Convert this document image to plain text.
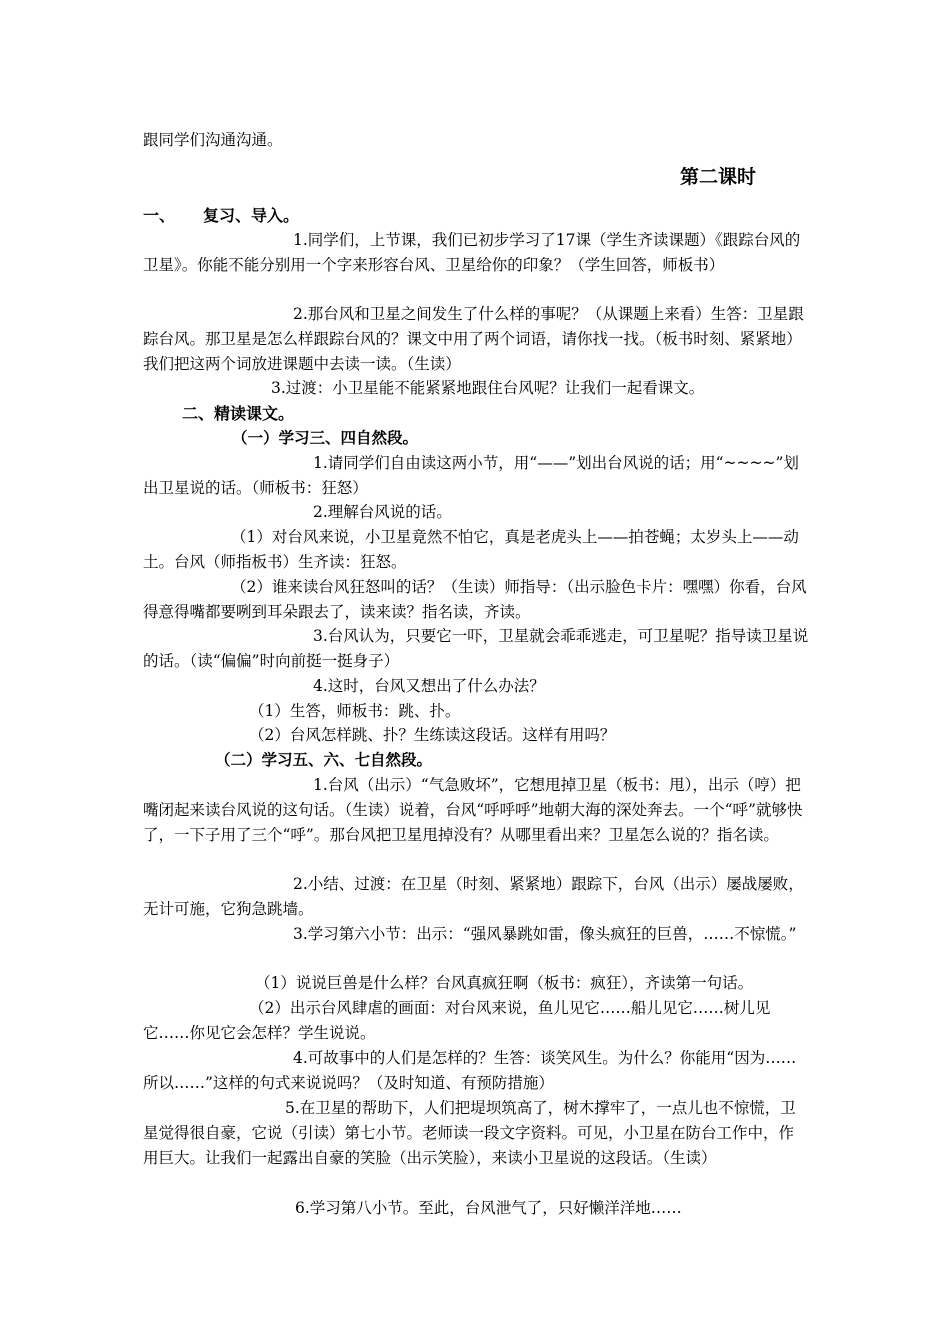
跟同学们沟通沟通。

第二课时

一、 复习、导入。

1.同学们，上节课，我们已初步学习了17课（学生齐读课题）《跟踪台风的卫星》。你能不能分别用一个字来形容台风、卫星给你的印象？（学生回答，师板书）

2.那台风和卫星之间发生了什么样的事呢？（从课题上来看）生答：卫星跟踪台风。那卫星是怎么样跟踪台风的？课文中用了两个词语，请你找一找。（板书时刻、紧紧地）我们把这两个词放进课题中去读一读。（生读）

3.过渡：小卫星能不能紧紧地跟住台风呢？让我们一起看课文。

二、精读课文。

（一）学习三、四自然段。

1.请同学们自由读这两小节，用“——”划出台风说的话；用“~~~~”划出卫星说的话。（师板书：狂怒）

2.理解台风说的话。

（1）对台风来说，小卫星竟然不怕它，真是老虎头上——拍苍蝇；太岁头上——动土。台风（师指板书）生齐读：狂怒。

（2）谁来读台风狂怒叫的话？（生读）师指导：（出示脸色卡片：嘿嘿）你看，台风得意得嘴都要咧到耳朵跟去了，读来读？指名读，齐读。

3.台风认为，只要它一吓，卫星就会乖乖逃走，可卫星呢？指导读卫星说的话。（读“偏偏”时向前挺一挺身子）

4.这时，台风又想出了什么办法？

（1）生答，师板书：跳、扑。

（2）台风怎样跳、扑？生练读这段话。这样有用吗？

（二）学习五、六、七自然段。

1.台风（出示）“气急败坏”，它想甩掉卫星（板书：甩），出示（哼）把嘴闭起来读台风说的这句话。（生读）说着，台风“呼呼呼”地朝大海的深处奔去。一个“呼”就够快了，一下子用了三个“呼”。那台风把卫星甩掉没有？从哪里看出来？卫星怎么说的？指名读。

2.小结、过渡：在卫星（时刻、紧紧地）跟踪下，台风（出示）屡战屡败，无计可施，它狗急跳墙。

3.学习第六小节：出示：“强风暴跳如雷，像头疯狂的巨兽，……不惊慌。”

（1）说说巨兽是什么样？台风真疯狂啊（板书：疯狂），齐读第一句话。

（2）出示台风肆虐的画面：对台风来说，鱼儿见它……船儿见它……树儿见它……你见它会怎样？学生说说。

4.可故事中的人们是怎样的？生答：谈笑风生。为什么？你能用“因为……所以……”这样的句式来说说吗？（及时知道、有预防措施）

5.在卫星的帮助下，人们把堤坝筑高了，树木撑牢了，一点儿也不惊慌，卫星觉得很自豪，它说（引读）第七小节。老师读一段文字资料。可见，小卫星在防台工作中，作用巨大。让我们一起露出自豪的笑脸（出示笑脸），来读小卫星说的这段话。（生读）

6.学习第八小节。至此，台风泄气了，只好懒洋洋地……
